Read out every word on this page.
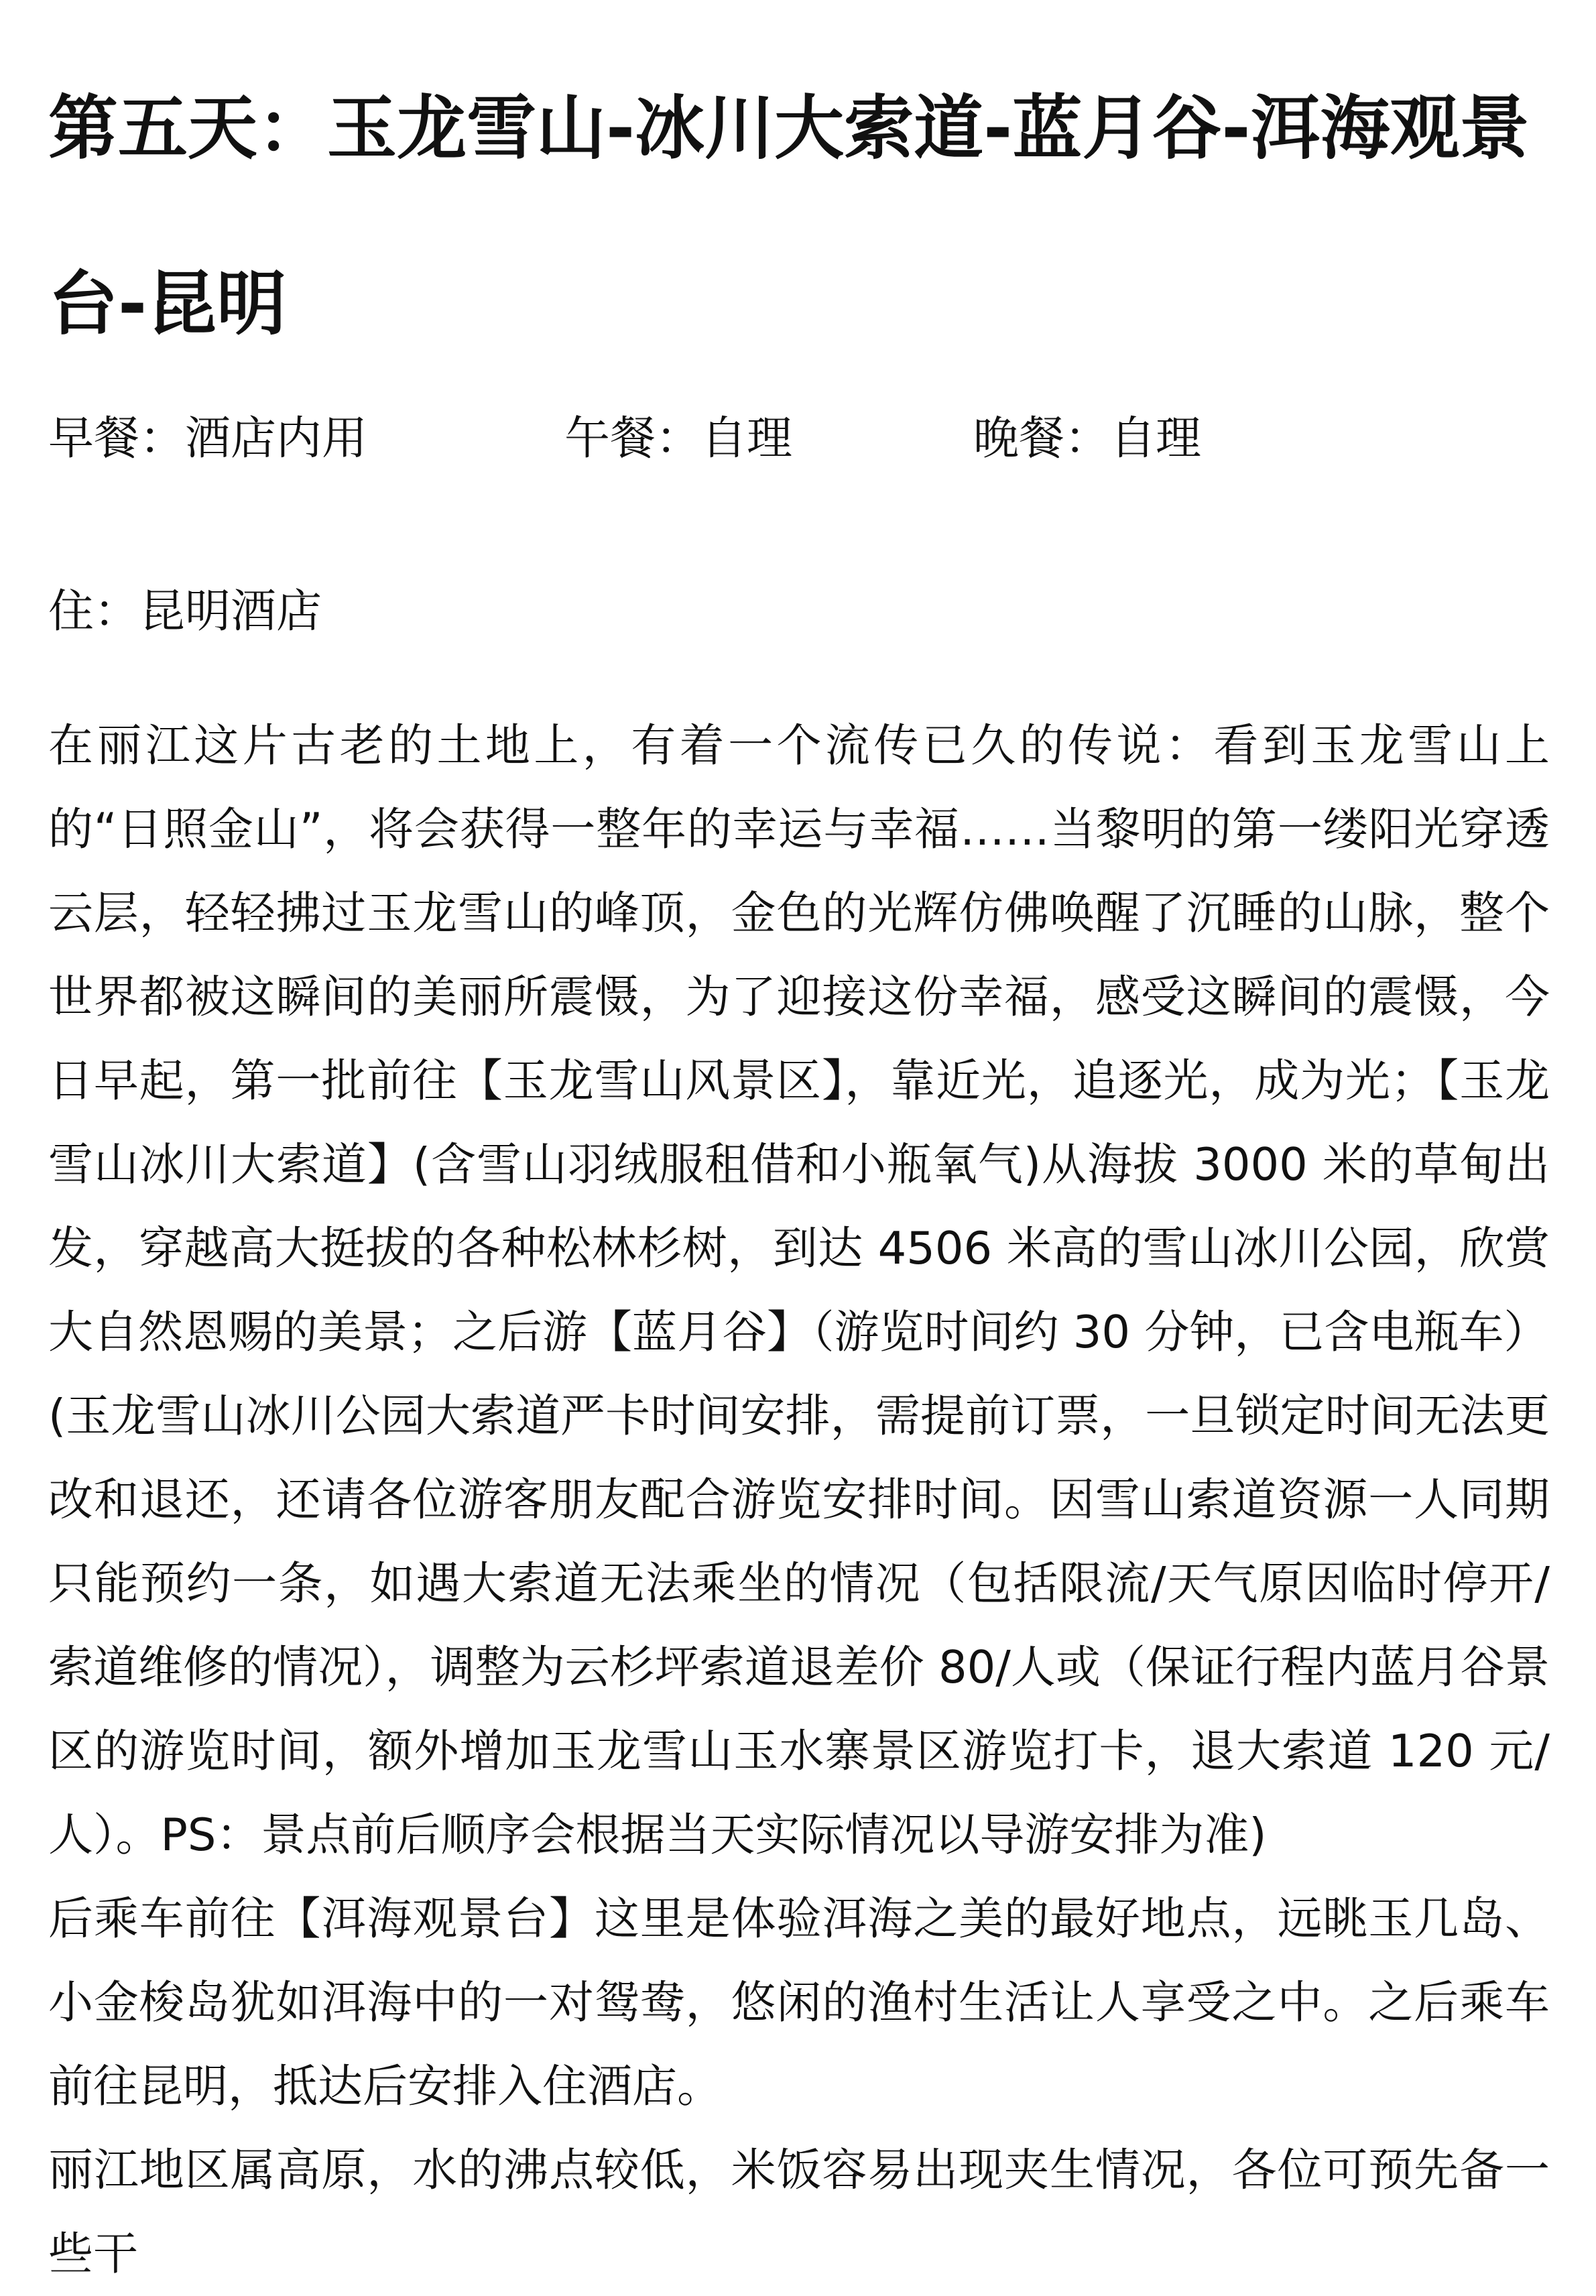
第五天：玉龙雪山-冰川大索道-蓝月谷-洱海观景台-昆明
早餐：酒店内用	午餐：自理	晚餐：自理
住：昆明酒店

在丽江这片古老的土地上，有着一个流传已久的传说：看到玉龙雪山上的“日照金山”，将会获得一整年的幸运与幸福……当黎明的第一缕阳光穿透云层，轻轻拂过玉龙雪山的峰顶，金色的光辉仿佛唤醒了沉睡的山脉，整个世界都被这瞬间的美丽所震慑，为了迎接这份幸福，感受这瞬间的震慑，今日早起，第一批前往【玉龙雪山风景区】，靠近光，追逐光，成为光；【玉龙雪山冰川大索道】(含雪山羽绒服租借和小瓶氧气)从海拔 3000 米的草甸出发，穿越高大挺拔的各种松林杉树，到达 4506 米高的雪山冰川公园，欣赏大自然恩赐的美景；之后游【蓝月谷】（游览时间约 30 分钟，已含电瓶车）

(玉龙雪山冰川公园大索道严卡时间安排，需提前订票，一旦锁定时间无法更改和退还，还请各位游客朋友配合游览安排时间。因雪山索道资源一人同期只能预约一条，如遇大索道无法乘坐的情况（包括限流/天气原因临时停开/索道维修的情况），调整为云杉坪索道退差价 80/人或（保证行程内蓝月谷景区的游览时间，额外增加玉龙雪山玉水寨景区游览打卡，退大索道 120 元/人）。PS：景点前后顺序会根据当天实际情况以导游安排为准)

后乘车前往【洱海观景台】这里是体验洱海之美的最好地点，远眺玉几岛、小金梭岛犹如洱海中的一对鸳鸯，悠闲的渔村生活让人享受之中。之后乘车前往昆明，抵达后安排入住酒店。

丽江地区属高原，水的沸点较低，米饭容易出现夹生情况，各位可预先备一些干
